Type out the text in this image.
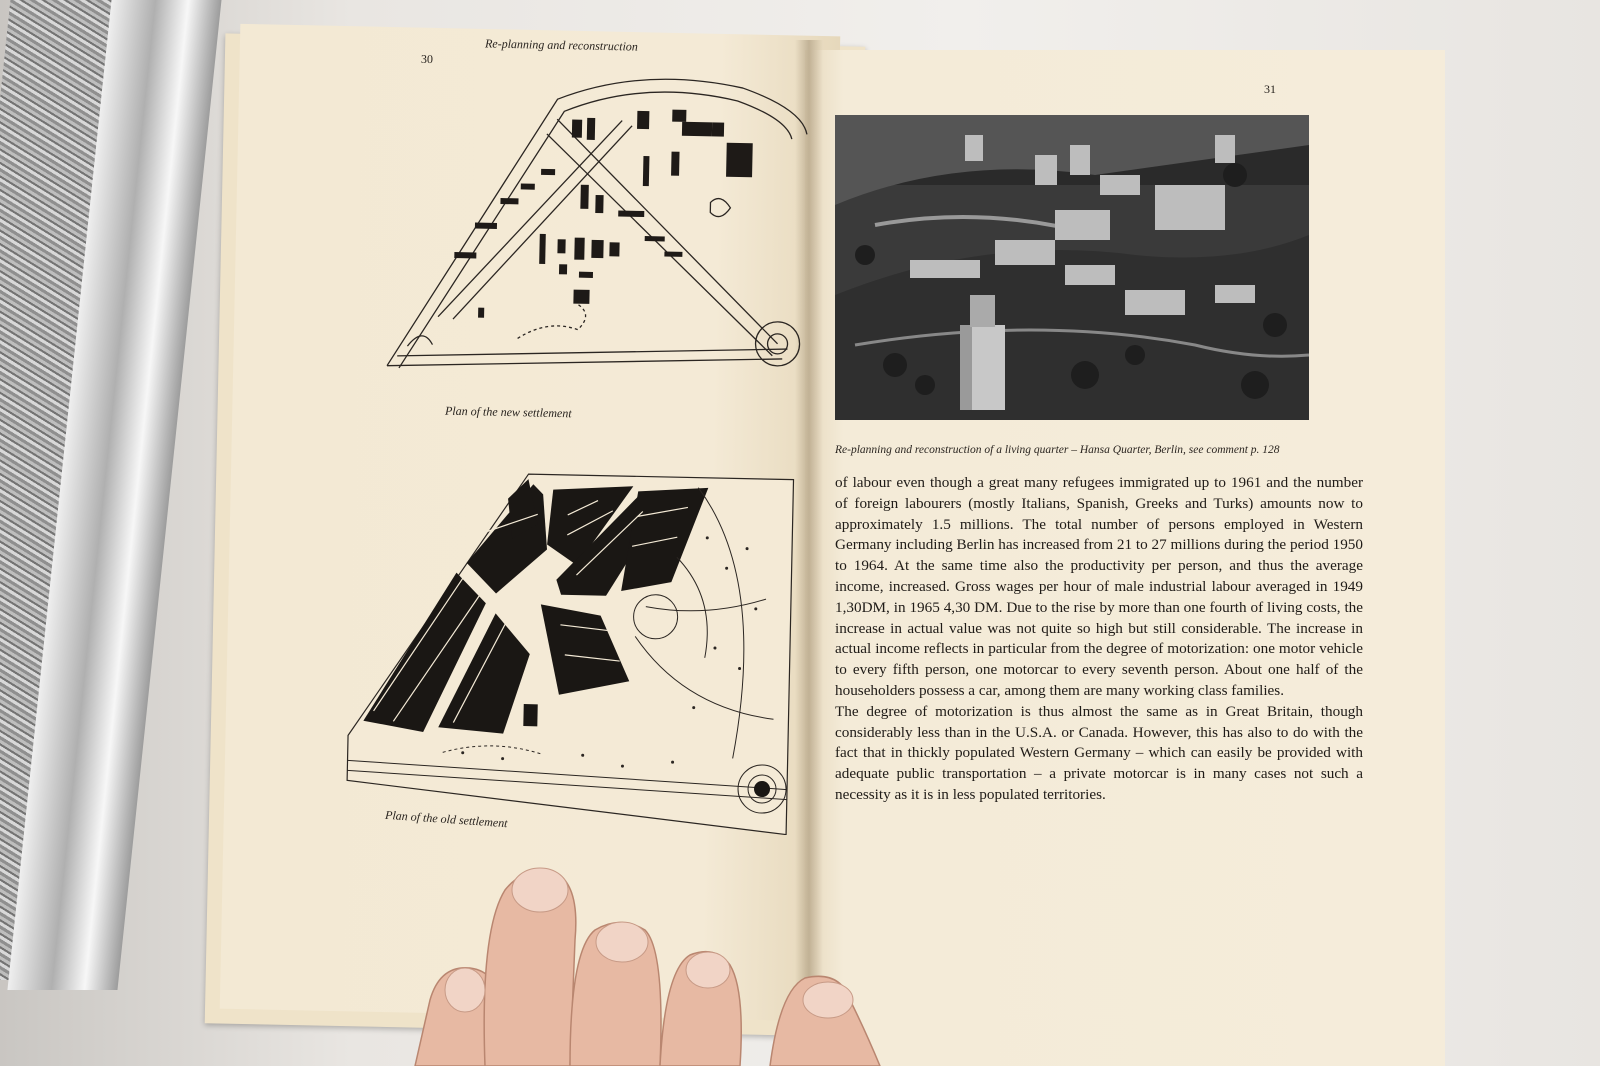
30
Re-planning and reconstruction
Plan of the new settlement
Plan of the old settlement
31
Re-planning and reconstruction of a living quarter – Hansa Quarter, Berlin, see comment p. 128

of labour even though a great many refugees immigrated up to 1961 and the number of foreign labourers (mostly Italians, Spanish, Greeks and Turks) amounts now to approximately 1.5 millions. The total number of persons employed in Western Germany including Berlin has increased from 21 to 27 millions during the period 1950 to 1964. At the same time also the productivity per person, and thus the average income, increased. Gross wages per hour of male industrial labour averaged in 1949 1,30DM, in 1965 4,30 DM. Due to the rise by more than one fourth of living costs, the increase in actual value was not quite so high but still considerable. The increase in actual income reflects in particular from the degree of motorization: one motor vehicle to every fifth person, one motorcar to every seventh person. About one half of the householders possess a car, among them are many working class families.

The degree of motorization is thus almost the same as in Great Britain, though considerably less than in the U.S.A. or Canada. However, this has also to do with the fact that in thickly populated Western Germany – which can easily be provided with adequate public transportation – a private motorcar is in many cases not such a necessity as it is in less populated territories.
